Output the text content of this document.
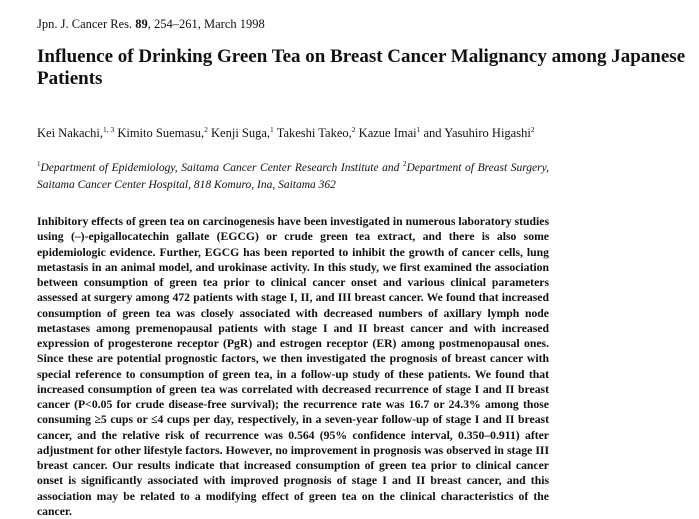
Jpn. J. Cancer Res. 89, 254–261, March 1998
Influence of Drinking Green Tea on Breast Cancer Malignancy among Japanese Patients
Kei Nakachi,$^{1, 3}$ Kimito Suemasu,$^2$ Kenji Suga,$^1$ Takeshi Takeo,$^2$ Kazue Imai$^1$ and Yasuhiro Higashi$^2$
$^1$Department of Epidemiology, Saitama Cancer Center Research Institute and $^2$Department of Breast Surgery, Saitama Cancer Center Hospital, 818 Komuro, Ina, Saitama 362

Inhibitory effects of green tea on carcinogenesis have been investigated in numerous laboratory studies using (–)-epigallocatechin gallate (EGCG) or crude green tea extract, and there is also some epidemiologic evidence. Further, EGCG has been reported to inhibit the growth of cancer cells, lung metastasis in an animal model, and urokinase activity. In this study, we first examined the association between consumption of green tea prior to clinical cancer onset and various clinical parameters assessed at surgery among 472 patients with stage I, II, and III breast cancer. We found that increased consumption of green tea was closely associated with decreased numbers of axillary lymph node metastases among premenopausal patients with stage I and II breast cancer and with increased expression of progesterone receptor (PgR) and estrogen receptor (ER) among postmenopausal ones. Since these are potential prognostic factors, we then investigated the prognosis of breast cancer with special reference to consumption of green tea, in a follow-up study of these patients. We found that increased consumption of green tea was correlated with decreased recurrence of stage I and II breast cancer (P<0.05 for crude disease-free survival); the recurrence rate was 16.7 or 24.3% among those consuming ≥5 cups or ≤4 cups per day, respectively, in a seven-year follow-up of stage I and II breast cancer, and the relative risk of recurrence was 0.564 (95% confidence interval, 0.350–0.911) after adjustment for other lifestyle factors. However, no improvement in prognosis was observed in stage III breast cancer. Our results indicate that increased consumption of green tea prior to clinical cancer onset is significantly associated with improved prognosis of stage I and II breast cancer, and this association may be related to a modifying effect of green tea on the clinical characteristics of the cancer.
